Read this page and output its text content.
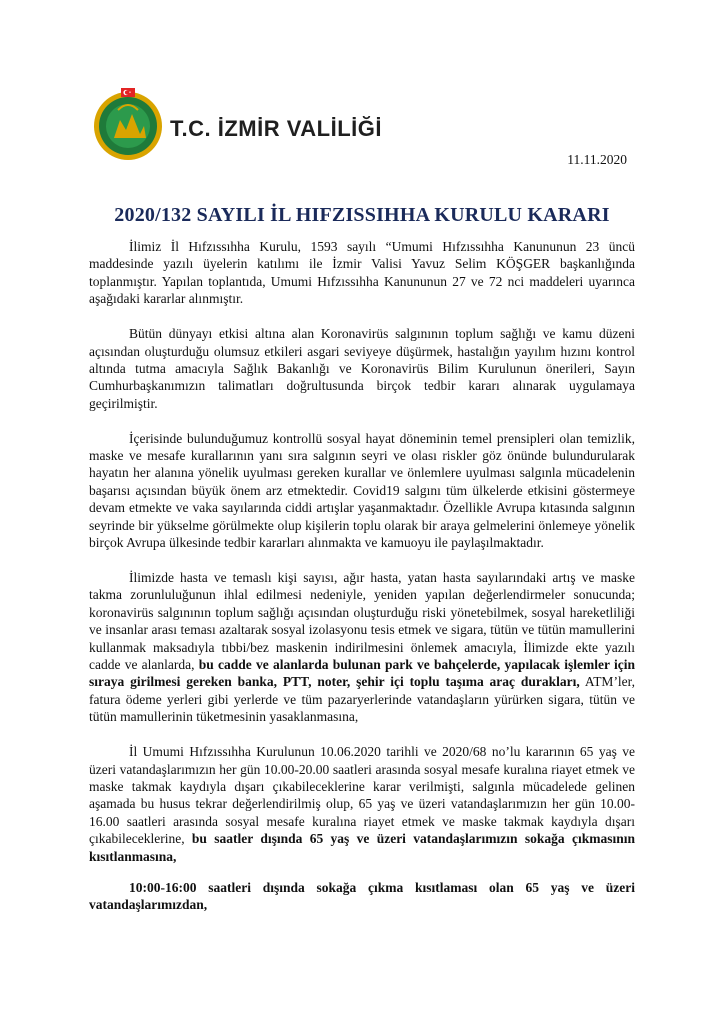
T.C. İZMİR VALİLİĞİ
11.11.2020
2020/132 SAYILI İL HIFZISSIHHA KURULU KARARI

İlimiz İl Hıfzıssıhha Kurulu, 1593 sayılı “Umumi Hıfzıssıhha Kanununun 23 üncü maddesinde yazılı üyelerin katılımı ile İzmir Valisi Yavuz Selim KÖŞGER başkanlığında toplanmıştır. Yapılan toplantıda, Umumi Hıfzıssıhha Kanununun 27 ve 72 nci maddeleri uyarınca aşağıdaki kararlar alınmıştır.

Bütün dünyayı etkisi altına alan Koronavirüs salgınının toplum sağlığı ve kamu düzeni açısından oluşturduğu olumsuz etkileri asgari seviyeye düşürmek, hastalığın yayılım hızını kontrol altında tutma amacıyla Sağlık Bakanlığı ve Koronavirüs Bilim Kurulunun önerileri, Sayın Cumhurbaşkanımızın talimatları doğrultusunda birçok tedbir kararı alınarak uygulamaya geçirilmiştir.

İçerisinde bulunduğumuz kontrollü sosyal hayat döneminin temel prensipleri olan temizlik, maske ve mesafe kurallarının yanı sıra salgının seyri ve olası riskler göz önünde bulundurularak hayatın her alanına yönelik uyulması gereken kurallar ve önlemlere uyulması salgınla mücadelenin başarısı açısından büyük önem arz etmektedir. Covid19 salgını tüm ülkelerde etkisini göstermeye devam etmekte ve vaka sayılarında ciddi artışlar yaşanmaktadır. Özellikle Avrupa kıtasında salgının seyrinde bir yükselme görülmekte olup kişilerin toplu olarak bir araya gelmelerini önlemeye yönelik birçok Avrupa ülkesinde tedbir kararları alınmakta ve kamuoyu ile paylaşılmaktadır.

İlimizde hasta ve temaslı kişi sayısı, ağır hasta, yatan hasta sayılarındaki artış ve maske takma zorunluluğunun ihlal edilmesi nedeniyle, yeniden yapılan değerlendirmeler sonucunda; koronavirüs salgınının toplum sağlığı açısından oluşturduğu riski yönetebilmek, sosyal hareketliliği ve insanlar arası teması azaltarak sosyal izolasyonu tesis etmek ve sigara, tütün ve tütün mamullerini kullanmak maksadıyla tıbbi/bez maskenin indirilmesini önlemek amacıyla, İlimizde ekte yazılı cadde ve alanlarda, bu cadde ve alanlarda bulunan park ve bahçelerde, yapılacak işlemler için sıraya girilmesi gereken banka, PTT, noter, şehir içi toplu taşıma araç durakları, ATM’ler, fatura ödeme yerleri gibi yerlerde ve tüm pazaryerlerinde vatandaşların yürürken sigara, tütün ve tütün mamullerinin tüketmesinin yasaklanmasına,

İl Umumi Hıfzıssıhha Kurulunun 10.06.2020 tarihli ve 2020/68 no’lu kararının 65 yaş ve üzeri vatandaşlarımızın her gün 10.00-20.00 saatleri arasında sosyal mesafe kuralına riayet etmek ve maske takmak kaydıyla dışarı çıkabileceklerine karar verilmişti, salgınla mücadelede gelinen aşamada bu husus tekrar değerlendirilmiş olup, 65 yaş ve üzeri vatandaşlarımızın her gün 10.00-16.00 saatleri arasında sosyal mesafe kuralına riayet etmek ve maske takmak kaydıyla dışarı çıkabileceklerine, bu saatler dışında 65 yaş ve üzeri vatandaşlarımızın sokağa çıkmasının kısıtlanmasına,

10:00-16:00 saatleri dışında sokağa çıkma kısıtlaması olan 65 yaş ve üzeri vatandaşlarımızdan,
